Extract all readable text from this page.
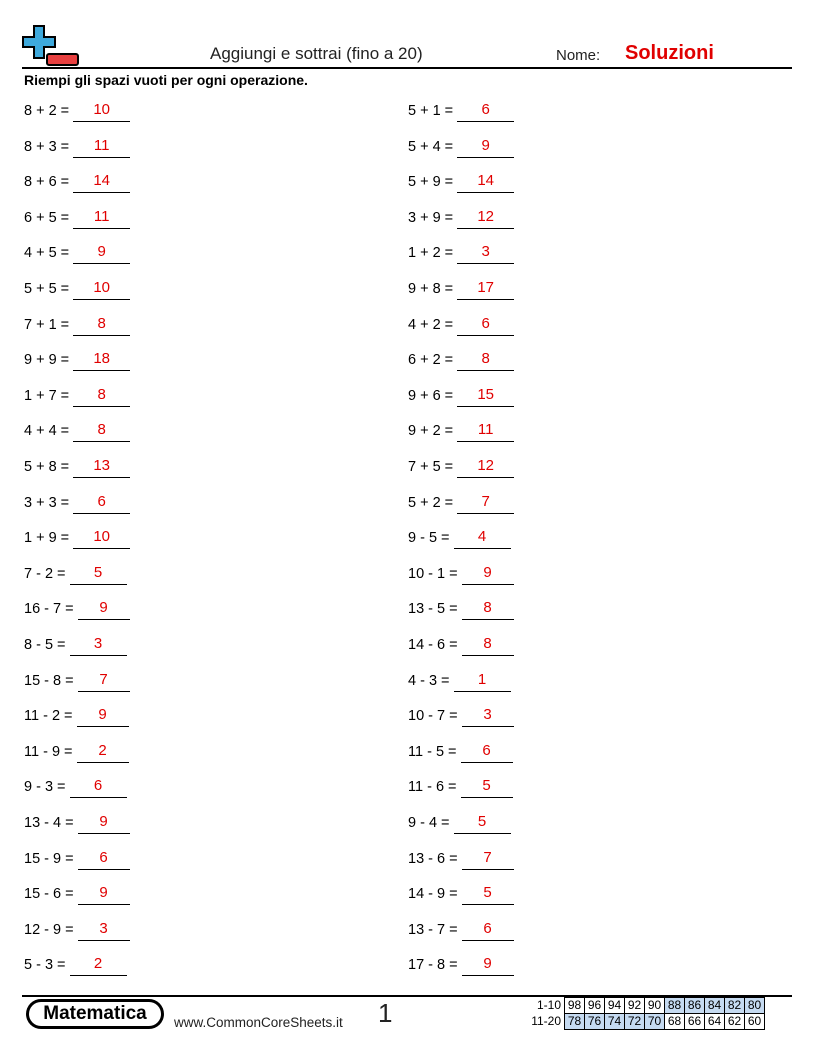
Aggiungi e sottrai (fino a 20)	Nome: Soluzioni
Riempi gli spazi vuoti per ogni operazione.
8 + 2 =	10
8 + 3 =	11
8 + 6 =	14
6 + 5 =	11
4 + 5 =	9
5 + 5 =	10
7 + 1 =	8
9 + 9 =	18
1 + 7 =	8
4 + 4 =	8
5 + 8 =	13
3 + 3 =	6
1 + 9 =	10
7 - 2 =	5
16 - 7 =	9
8 - 5 =	3
15 - 8 =	7
11 - 2 =	9
11 - 9 =	2
9 - 3 =	6
13 - 4 =	9
15 - 9 =	6
15 - 6 =	9
12 - 9 =	3
5 - 3 =	2
5 + 1 =	6
5 + 4 =	9
5 + 9 =	14
3 + 9 =	12
1 + 2 =	3
9 + 8 =	17
4 + 2 =	6
6 + 2 =	8
9 + 6 =	15
9 + 2 =	11
7 + 5 =	12
5 + 2 =	7
9 - 5 =	4
10 - 1 =	9
13 - 5 =	8
14 - 6 =	8
4 - 3 =	1
10 - 7 =	3
11 - 5 =	6
11 - 6 =	5
9 - 4 =	5
13 - 6 =	7
14 - 9 =	5
13 - 7 =	6
17 - 8 =	9
Matematica	www.CommonCoreSheets.it 1	1-10	98	96	94	92	90	88	86	84	82	80
11-20	78	76	74	72	70	68	66	64	62	60
